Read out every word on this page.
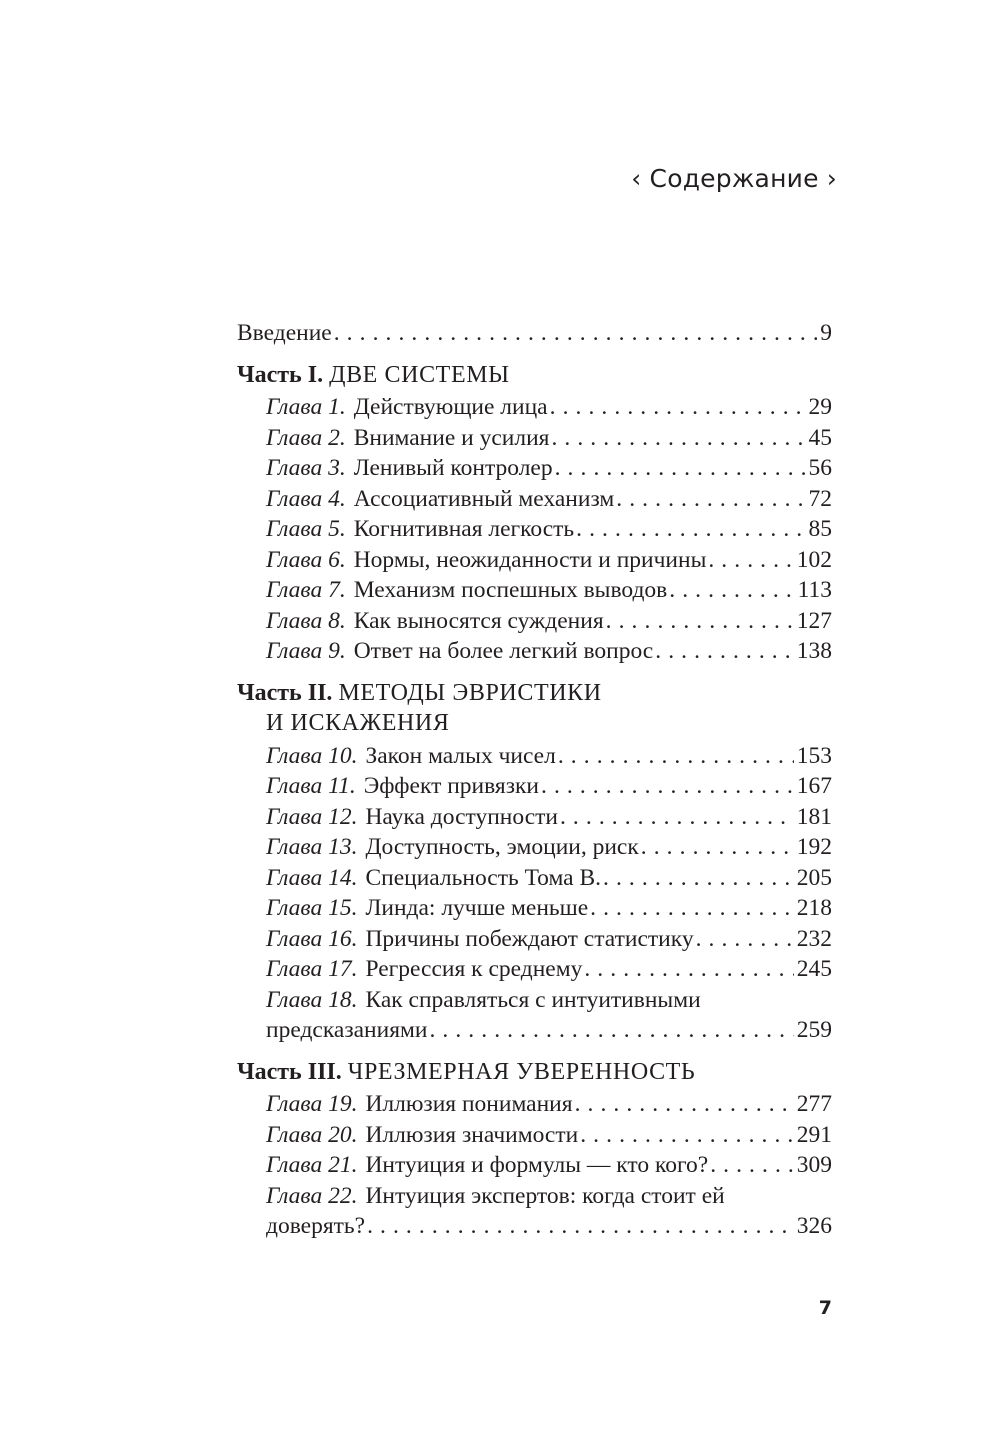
‹ Содержание ›
Введение . . .	9
Часть I. ДВЕ СИСТЕМЫ
Глава 1. Действующие лица . . .	29
Глава 2. Внимание и усилия . . .	45
Глава 3. Ленивый контролер . . .	56
Глава 4. Ассоциативный механизм . . .	72
Глава 5. Когнитивная легкость . . .	85
Глава 6. Нормы, неожиданности и причины . . .	102
Глава 7. Механизм поспешных выводов . . .	113
Глава 8. Как выносятся суждения . . .	127
Глава 9. Ответ на более легкий вопрос . . .	138
Часть II. МЕТОДЫ ЭВРИСТИКИ
И ИСКАЖЕНИЯ
Глава 10. Закон малых чисел . . .	153
Глава 11. Эффект привязки . . .	167
Глава 12. Наука доступности . . .	181
Глава 13. Доступность, эмоции, риск . . .	192
Глава 14. Специальность Тома В. . . .	205
Глава 15. Линда: лучше меньше . . .	218
Глава 16. Причины побеждают статистику . . .	232
Глава 17. Регрессия к среднему . . .	245
Глава 18. Как справляться с интуитивными
предсказаниями . . .	259
Часть III. ЧРЕЗМЕРНАЯ УВЕРЕННОСТЬ
Глава 19. Иллюзия понимания . . .	277
Глава 20. Иллюзия значимости . . .	291
Глава 21. Интуиция и формулы — кто кого? . . .	309
Глава 22. Интуиция экспертов: когда стоит ей
доверять? . . .	326
7
